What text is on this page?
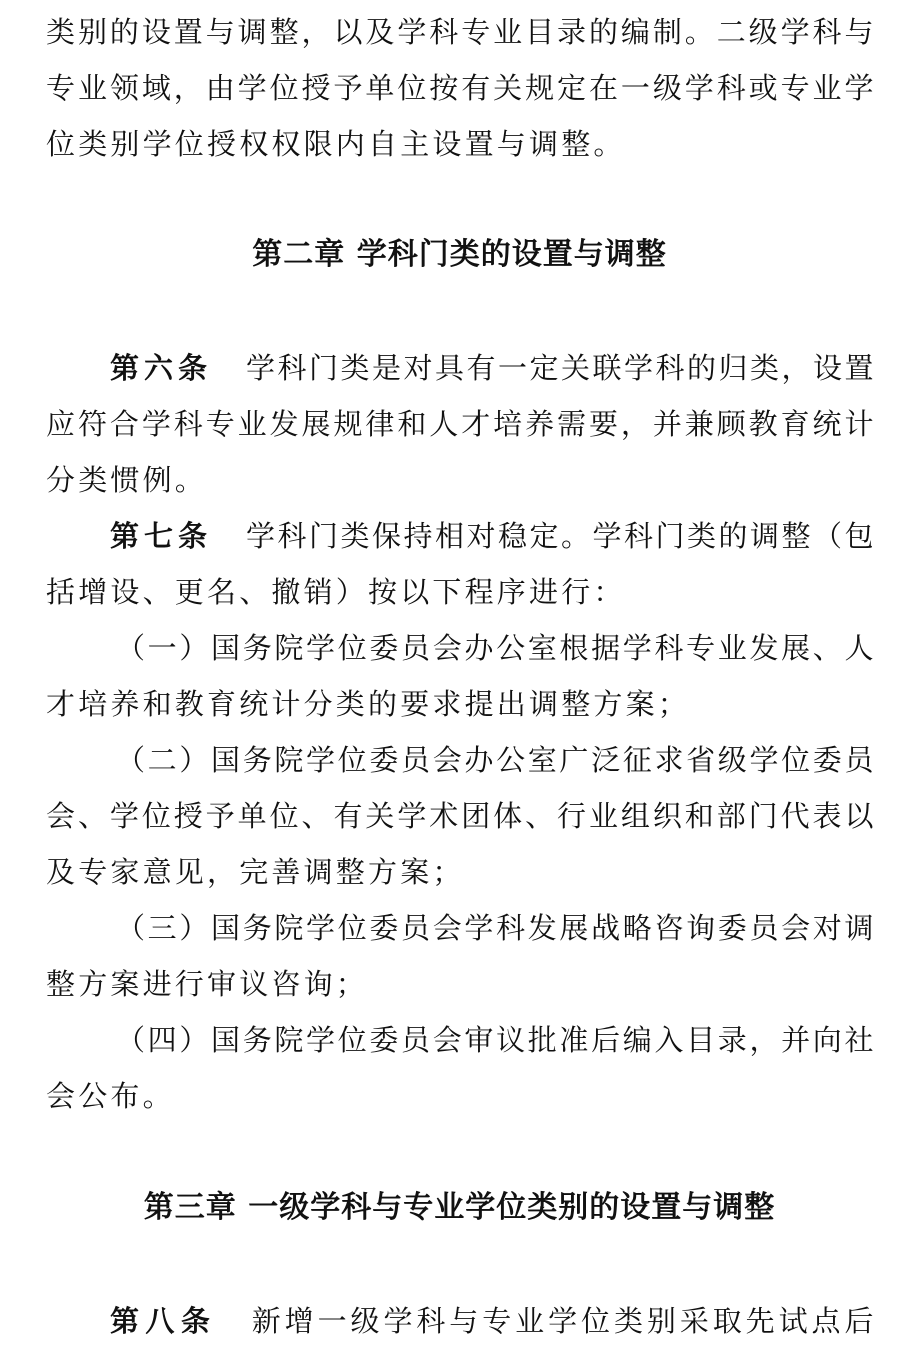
类别的设置与调整，以及学科专业目录的编制。二级学科与
专业领域，由学位授予单位按有关规定在一级学科或专业学
位类别学位授权权限内自主设置与调整。
第二章 学科门类的设置与调整
第六条 学科门类是对具有一定关联学科的归类，设置
应符合学科专业发展规律和人才培养需要，并兼顾教育统计
分类惯例。
第七条 学科门类保持相对稳定。学科门类的调整（包
括增设、更名、撤销）按以下程序进行：
（一）国务院学位委员会办公室根据学科专业发展、人
才培养和教育统计分类的要求提出调整方案；
（二）国务院学位委员会办公室广泛征求省级学位委员
会、学位授予单位、有关学术团体、行业组织和部门代表以
及专家意见，完善调整方案；
（三）国务院学位委员会学科发展战略咨询委员会对调
整方案进行审议咨询；
（四）国务院学位委员会审议批准后编入目录，并向社
会公布。
第三章 一级学科与专业学位类别的设置与调整
第八条 新增一级学科与专业学位类别采取先试点后
